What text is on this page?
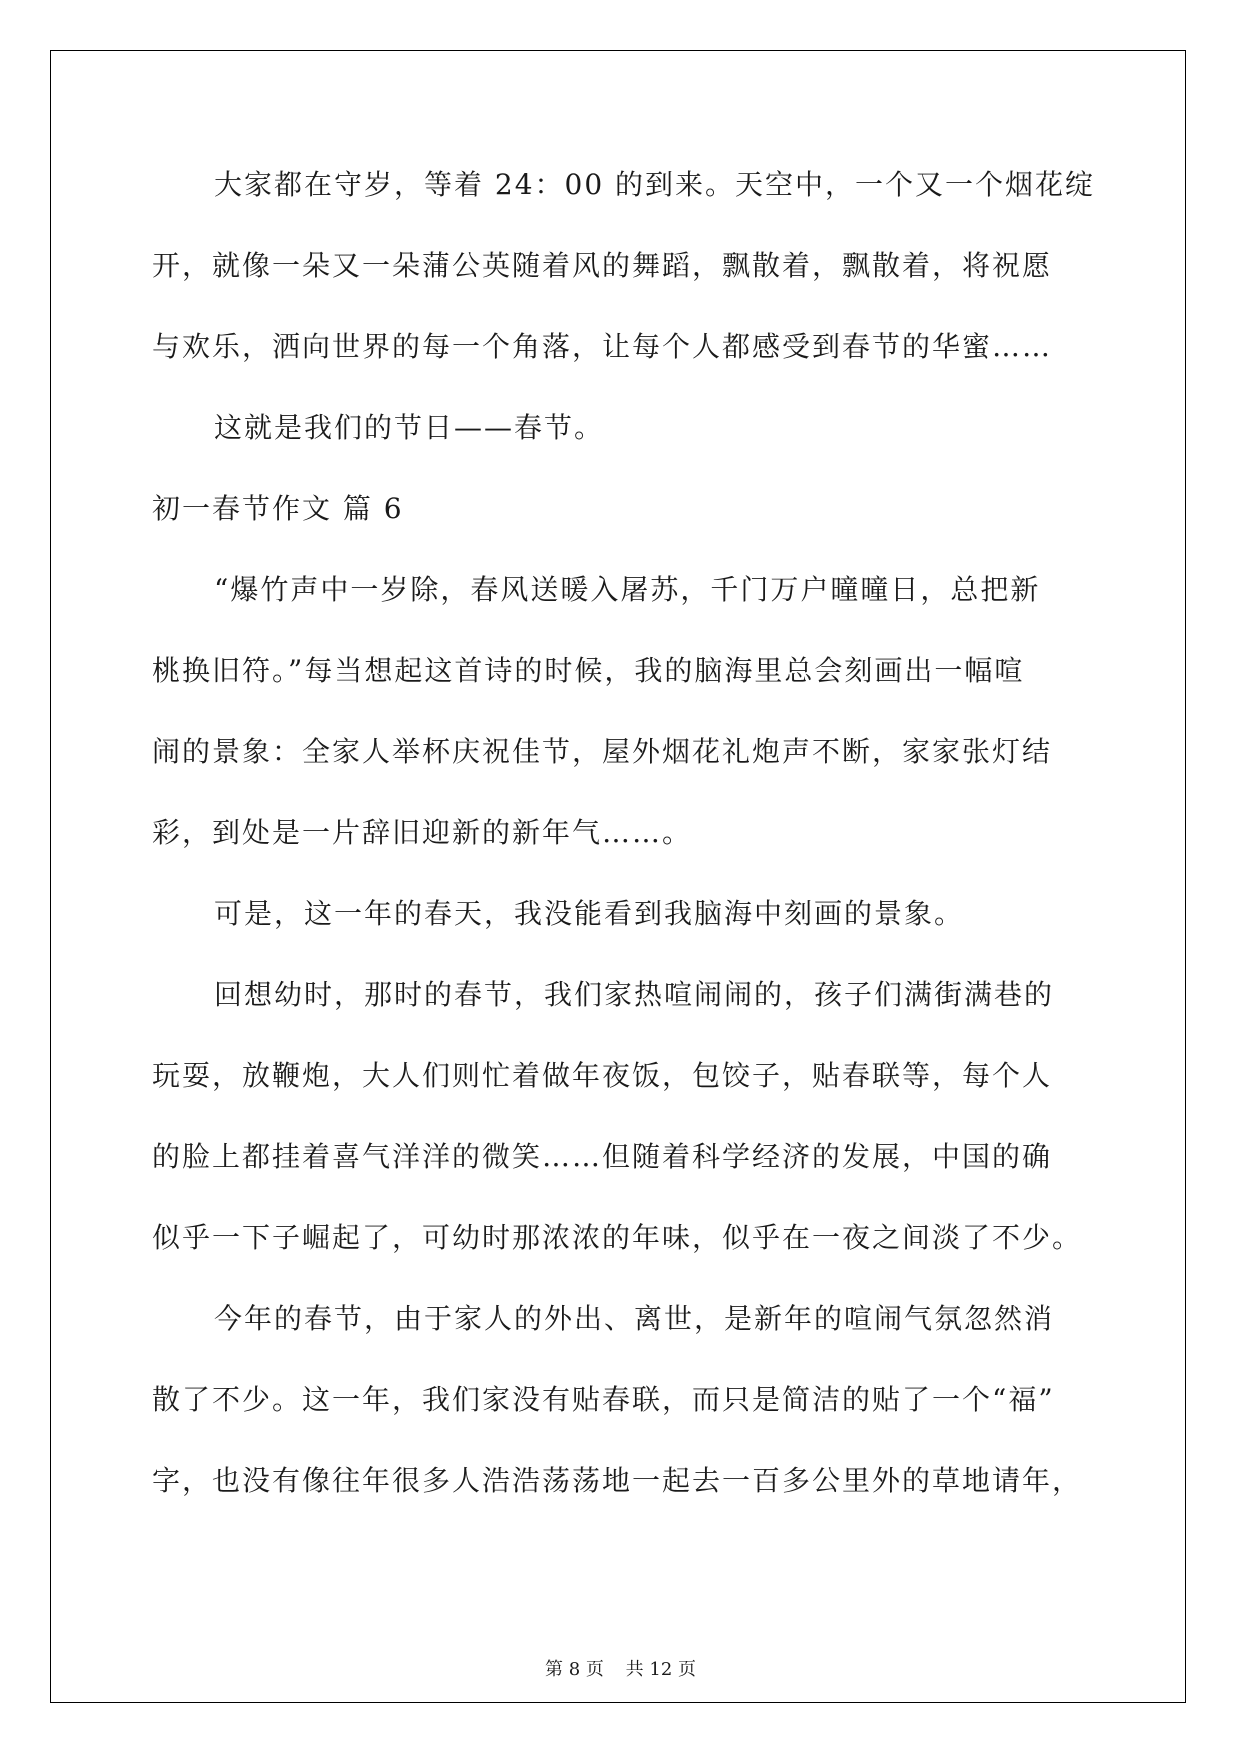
大家都在守岁，等着 24：00 的到来。天空中，一个又一个烟花绽
开，就像一朵又一朵蒲公英随着风的舞蹈，飘散着，飘散着，将祝愿
与欢乐，洒向世界的每一个角落，让每个人都感受到春节的华蜜……
这就是我们的节日——春节。
初一春节作文 篇 6
“爆竹声中一岁除，春风送暖入屠苏，千门万户曈曈日，总把新
桃换旧符。”每当想起这首诗的时候，我的脑海里总会刻画出一幅喧
闹的景象：全家人举杯庆祝佳节，屋外烟花礼炮声不断，家家张灯结
彩，到处是一片辞旧迎新的新年气……。
可是，这一年的春天，我没能看到我脑海中刻画的景象。
回想幼时，那时的春节，我们家热喧闹闹的，孩子们满街满巷的
玩耍，放鞭炮，大人们则忙着做年夜饭，包饺子，贴春联等，每个人
的脸上都挂着喜气洋洋的微笑……但随着科学经济的发展，中国的确
似乎一下子崛起了，可幼时那浓浓的年味，似乎在一夜之间淡了不少。
今年的春节，由于家人的外出、离世，是新年的喧闹气氛忽然消
散了不少。这一年，我们家没有贴春联，而只是简洁的贴了一个“福”
字，也没有像往年很多人浩浩荡荡地一起去一百多公里外的草地请年，
第 8 页 共 12 页
